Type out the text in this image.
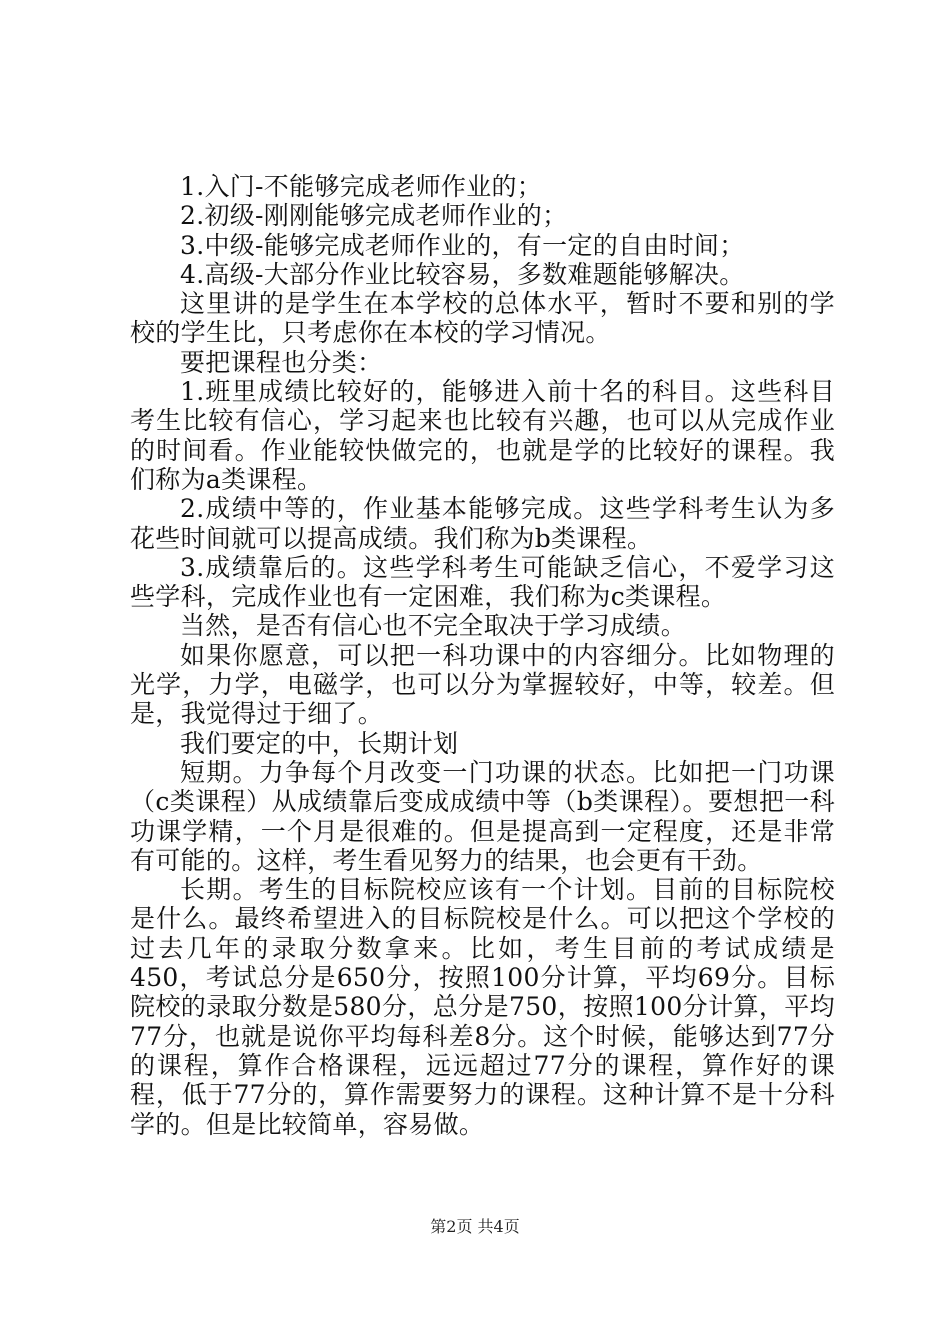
1.入门-不能够完成老师作业的；

2.初级-刚刚能够完成老师作业的；

3.中级-能够完成老师作业的，有一定的自由时间；

4.高级-大部分作业比较容易，多数难题能够解决。

这里讲的是学生在本学校的总体水平，暂时不要和别的学校的学生比，只考虑你在本校的学习情况。

要把课程也分类：

1.班里成绩比较好的，能够进入前十名的科目。这些科目考生比较有信心，学习起来也比较有兴趣，也可以从完成作业的时间看。作业能较快做完的，也就是学的比较好的课程。我们称为a类课程。

2.成绩中等的，作业基本能够完成。这些学科考生认为多花些时间就可以提高成绩。我们称为b类课程。

3.成绩靠后的。这些学科考生可能缺乏信心，不爱学习这些学科，完成作业也有一定困难，我们称为c类课程。

当然，是否有信心也不完全取决于学习成绩。

如果你愿意，可以把一科功课中的内容细分。比如物理的光学，力学，电磁学，也可以分为掌握较好，中等，较差。但是，我觉得过于细了。

我们要定的中，长期计划

短期。力争每个月改变一门功课的状态。比如把一门功课（c类课程）从成绩靠后变成成绩中等（b类课程）。要想把一科功课学精，一个月是很难的。但是提高到一定程度，还是非常有可能的。这样，考生看见努力的结果，也会更有干劲。

长期。考生的目标院校应该有一个计划。目前的目标院校是什么。最终希望进入的目标院校是什么。可以把这个学校的过去几年的录取分数拿来。比如，考生目前的考试成绩是450，考试总分是650分，按照100分计算，平均69分。目标院校的录取分数是580分，总分是750，按照100分计算，平均77分，也就是说你平均每科差8分。这个时候，能够达到77分的课程，算作合格课程，远远超过77分的课程，算作好的课程，低于77分的，算作需要努力的课程。这种计算不是十分科学的。但是比较简单，容易做。

第2页 共4页
